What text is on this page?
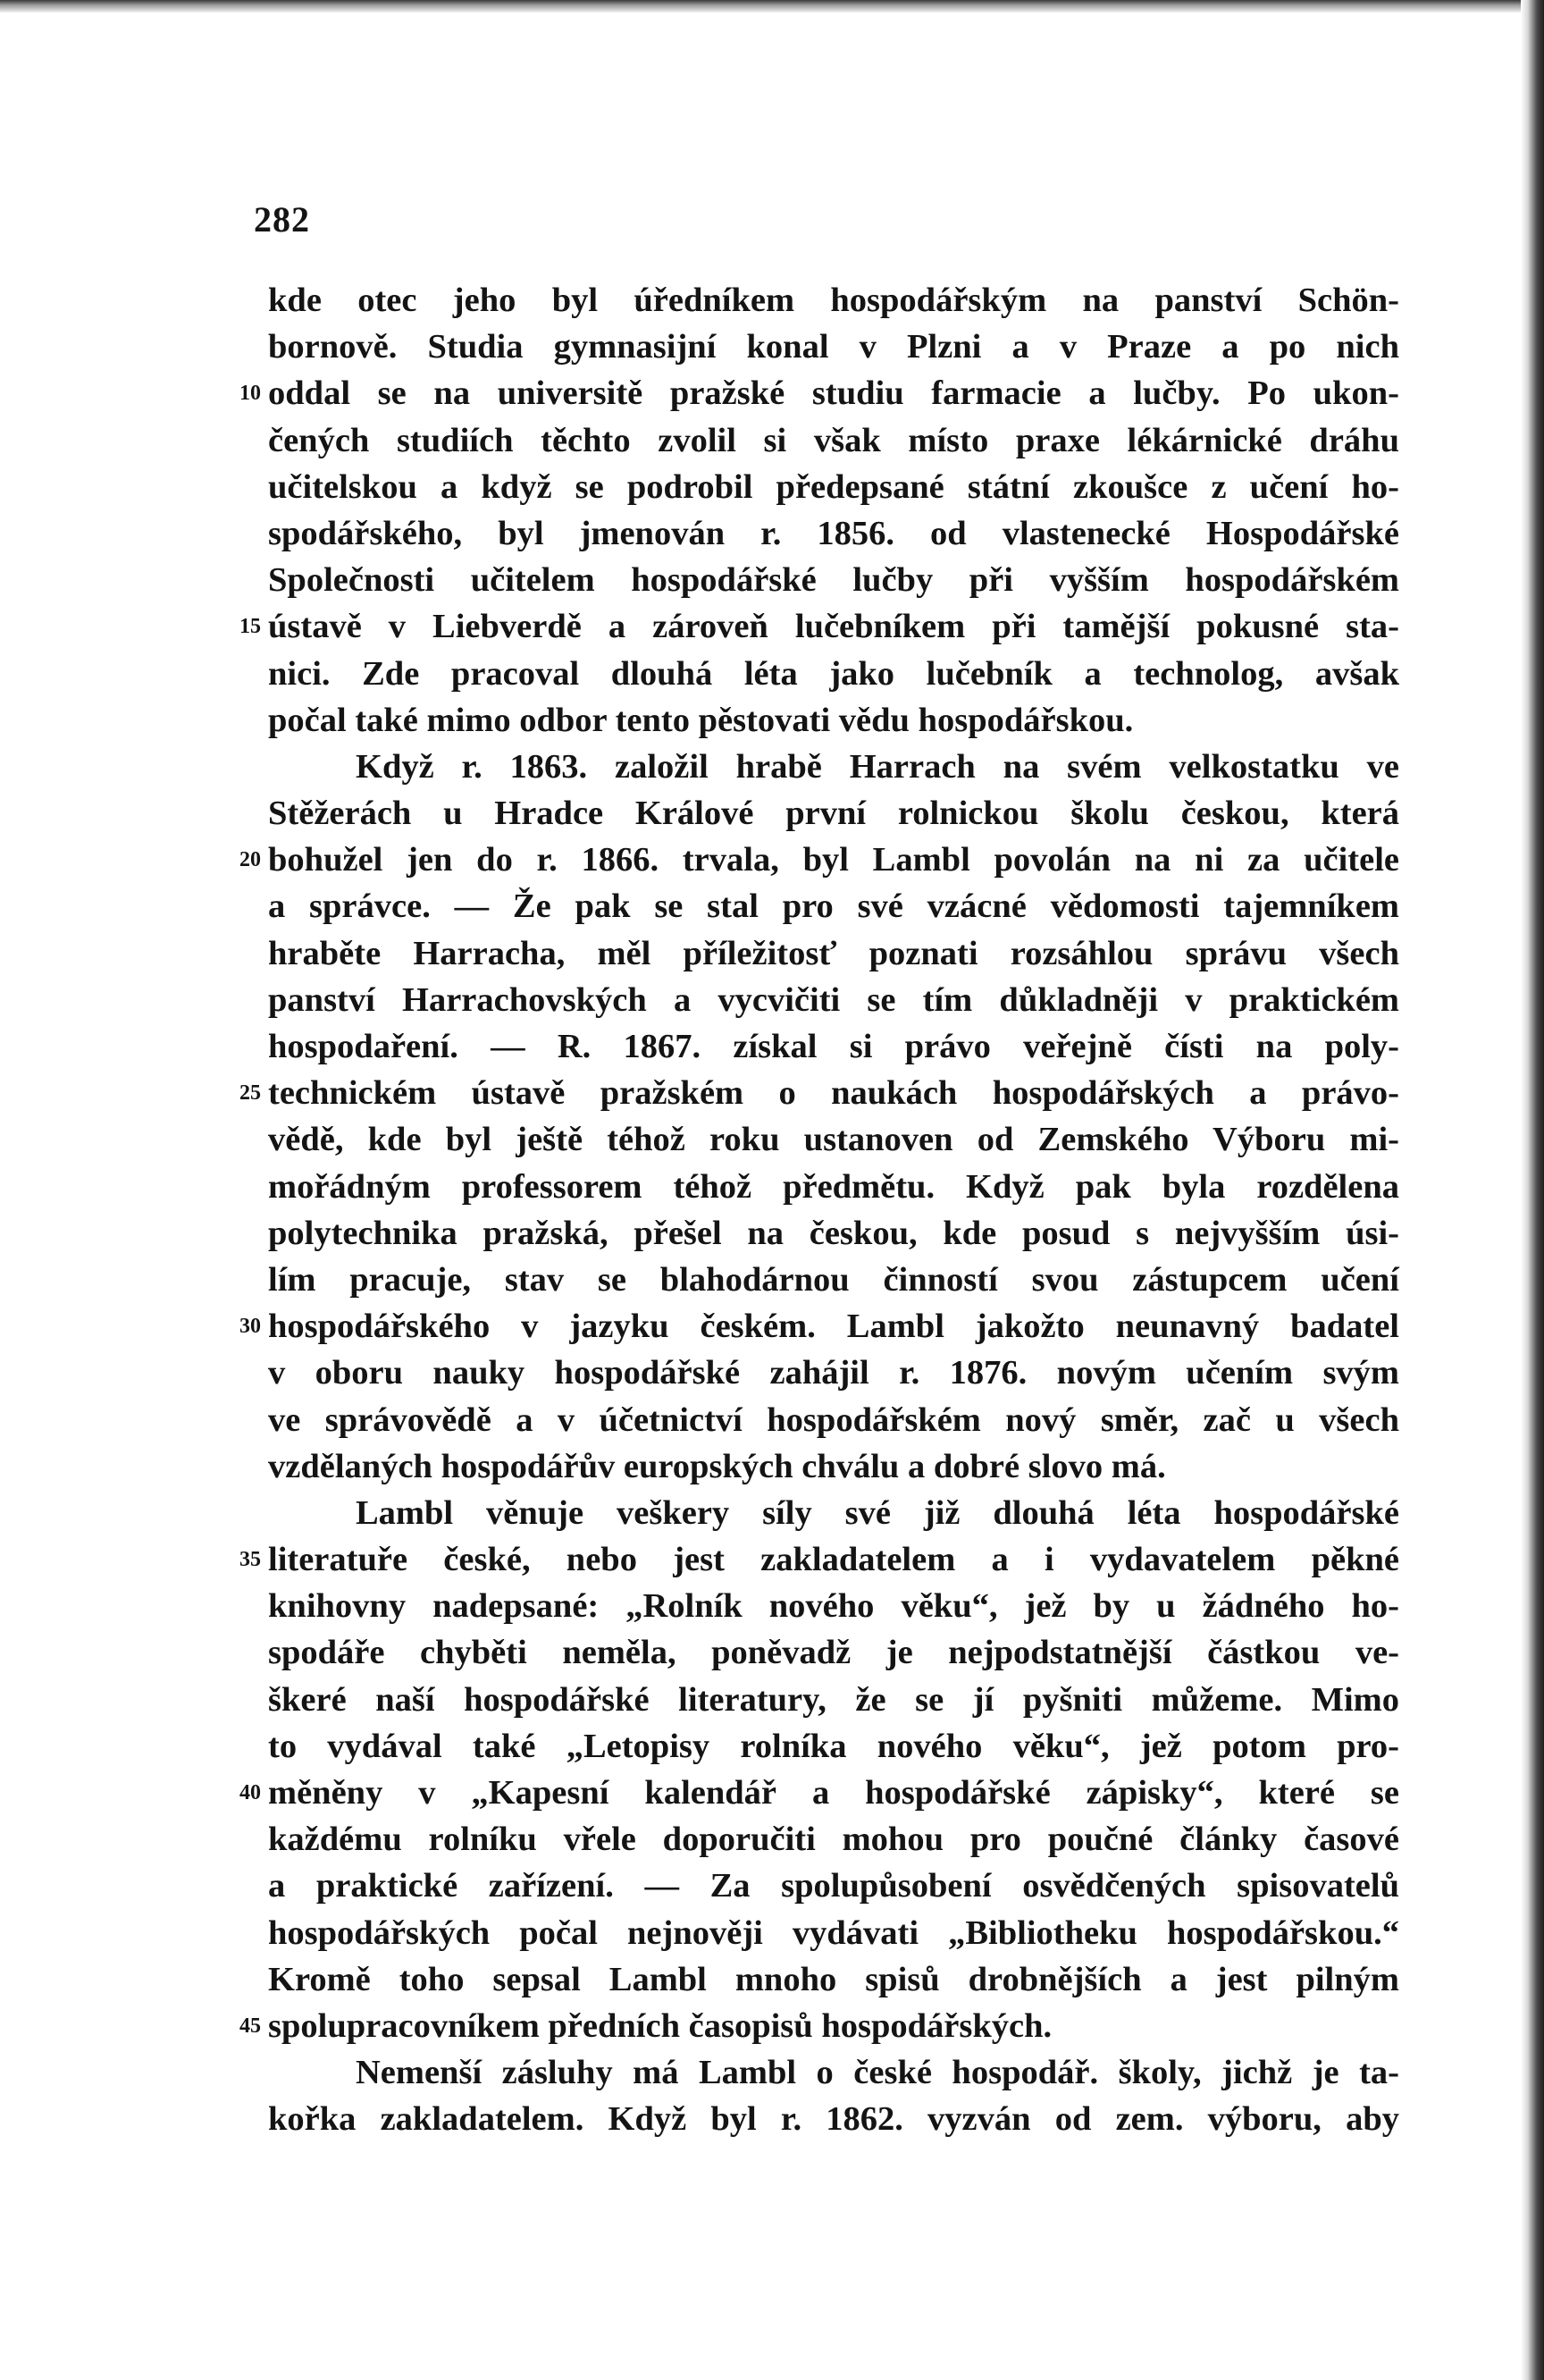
282
kde otec jeho byl úředníkem hospodářským na panství Schön-
bornově. Studia gymnasijní konal v Plzni a v Praze a po nich
10 oddal se na universitě pražské studiu farmacie a lučby. Po ukon-
čených studiích těchto zvolil si však místo praxe lékárnické dráhu
učitelskou a když se podrobil předepsané státní zkoušce z učení ho-
spodářského, byl jmenován r. 1856. od vlastenecké Hospodářské
Společnosti učitelem hospodářské lučby při vyšším hospodářském
15 ústavě v Liebverdě a zároveň lučebníkem při tamější pokusné sta-
nici. Zde pracoval dlouhá léta jako lučebník a technolog, avšak
počal také mimo odbor tento pěstovati vědu hospodářskou.
Když r. 1863. založil hrabě Harrach na svém velkostatku ve
Stěžerách u Hradce Králové první rolnickou školu českou, která
20 bohužel jen do r. 1866. trvala, byl Lambl povolán na ni za učitele
a správce. — Že pak se stal pro své vzácné vědomosti tajemníkem
hraběte Harracha, měl příležitosť poznati rozsáhlou správu všech
panství Harrachovských a vycvičiti se tím důkladněji v praktickém
hospodaření. — R. 1867. získal si právo veřejně čísti na poly-
25 technickém ústavě pražském o naukách hospodářských a právo-
vědě, kde byl ještě téhož roku ustanoven od Zemského Výboru mi-
mořádným professorem téhož předmětu. Když pak byla rozdělena
polytechnika pražská, přešel na českou, kde posud s nejvyšším úsi-
lím pracuje, stav se blahodárnou činností svou zástupcem učení
30 hospodářského v jazyku českém. Lambl jakožto neunavný badatel
v oboru nauky hospodářské zahájil r. 1876. novým učením svým
ve správovědě a v účetnictví hospodářském nový směr, zač u všech
vzdělaných hospodářův europských chválu a dobré slovo má.
Lambl věnuje veškery síly své již dlouhá léta hospodářské
35 literatuře české, nebo jest zakladatelem a i vydavatelem pěkné
knihovny nadepsané: „Rolník nového věku“, jež by u žádného ho-
spodáře chyběti neměla, poněvadž je nejpodstatnější částkou ve-
škeré naší hospodářské literatury, že se jí pyšniti můžeme. Mimo
to vydával také „Letopisy rolníka nového věku“, jež potom pro-
40 měněny v „Kapesní kalendář a hospodářské zápisky“, které se
každému rolníku vřele doporučiti mohou pro poučné články časové
a praktické zařízení. — Za spolupůsobení osvědčených spisovatelů
hospodářských počal nejnověji vydávati „Bibliotheku hospodářskou.“
Kromě toho sepsal Lambl mnoho spisů drobnějších a jest pilným
45 spolupracovníkem předních časopisů hospodářských.
Nemenší zásluhy má Lambl o české hospodář. školy, jichž je ta-
kořka zakladatelem. Když byl r. 1862. vyzván od zem. výboru, aby
